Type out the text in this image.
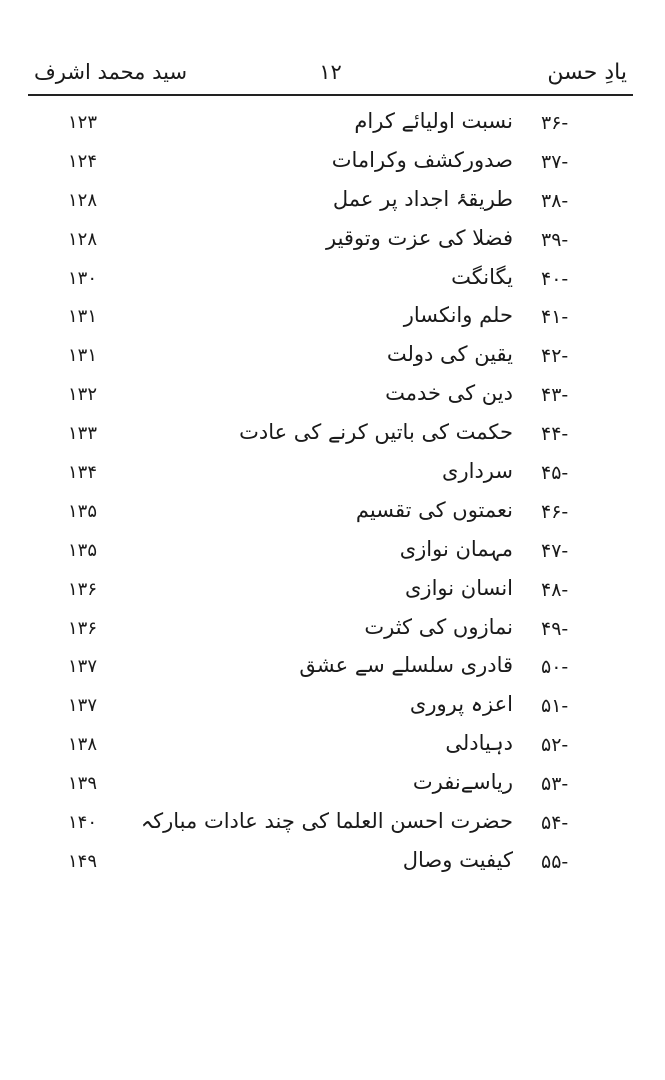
سید محمد اشرف	۱۲	یادِ حسن
۳۶-
نسبت اولیائے کرام
۱۲۳
۳۷-
صدورکشف وکرامات
۱۲۴
۳۸-
طریقۂ اجداد پر عمل
۱۲۸
۳۹-
فضلا کی عزت وتوقیر
۱۲۸
۴۰-
یگانگت
۱۳۰
۴۱-
حلم وانکسار
۱۳۱
۴۲-
یقین کی دولت
۱۳۱
۴۳-
دین کی خدمت
۱۳۲
۴۴-
حکمت کی باتیں کرنے کی عادت
۱۳۳
۴۵-
سرداری
۱۳۴
۴۶-
نعمتوں کی تقسیم
۱۳۵
۴۷-
مہمان نوازی
۱۳۵
۴۸-
انسان نوازی
۱۳۶
۴۹-
نمازوں کی کثرت
۱۳۶
۵۰-
قادری سلسلے سے عشق
۱۳۷
۵۱-
اعزہ پروری
۱۳۷
۵۲-
دہیادلی
۱۳۸
۵۳-
ریاسےنفرت
۱۳۹
۵۴-
حضرت احسن العلما کی چند عادات مبارکہ
۱۴۰
۵۵-
کیفیت وصال
۱۴۹
